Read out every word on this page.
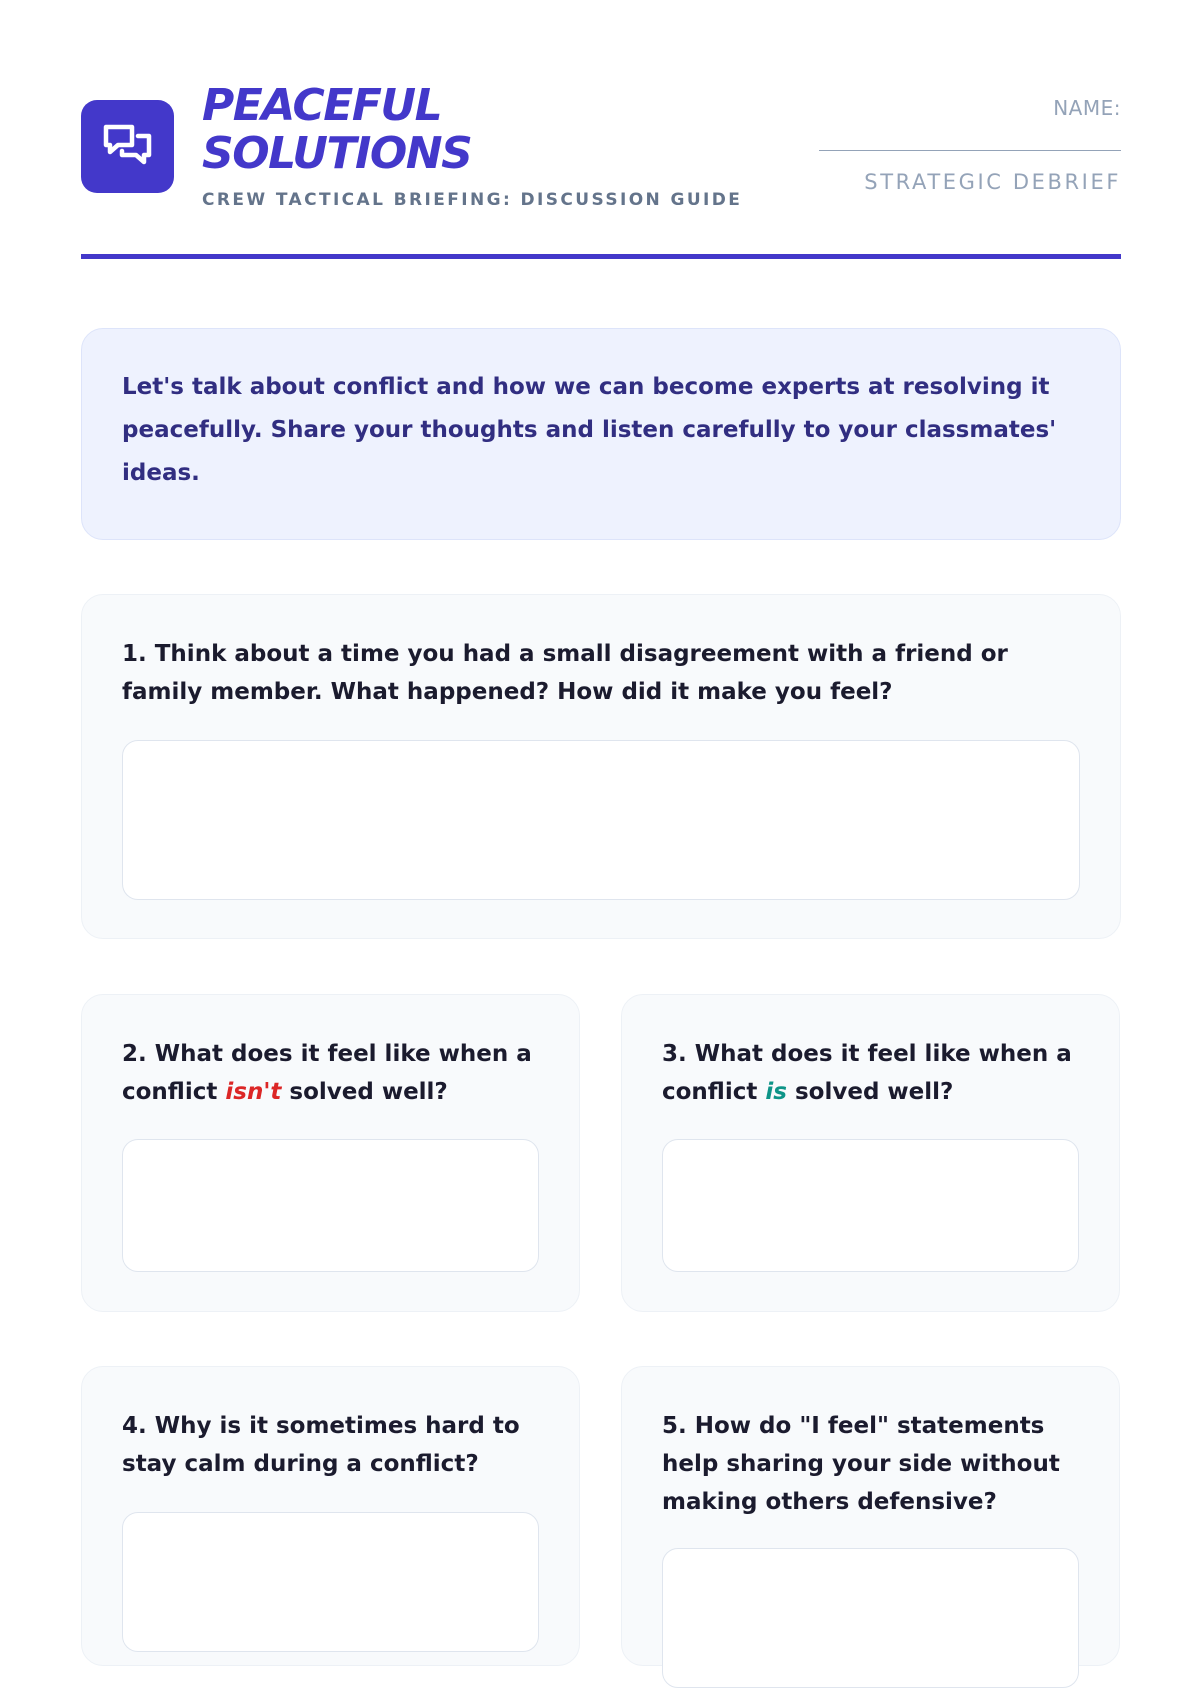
PEACEFUL
SOLUTIONS
CREW TACTICAL BRIEFING: DISCUSSION GUIDE
NAME:
STRATEGIC DEBRIEF

Let's talk about conflict and how we can become experts at resolving it peacefully. Share your thoughts and listen carefully to your classmates' ideas.

1. Think about a time you had a small disagreement with a friend or family member. What happened? How did it make you feel?
2. What does it feel like when a conflict isn't solved well?
3. What does it feel like when a conflict is solved well?
4. Why is it sometimes hard to stay calm during a conflict?
5. How do "I feel" statements help sharing your side without making others defensive?
